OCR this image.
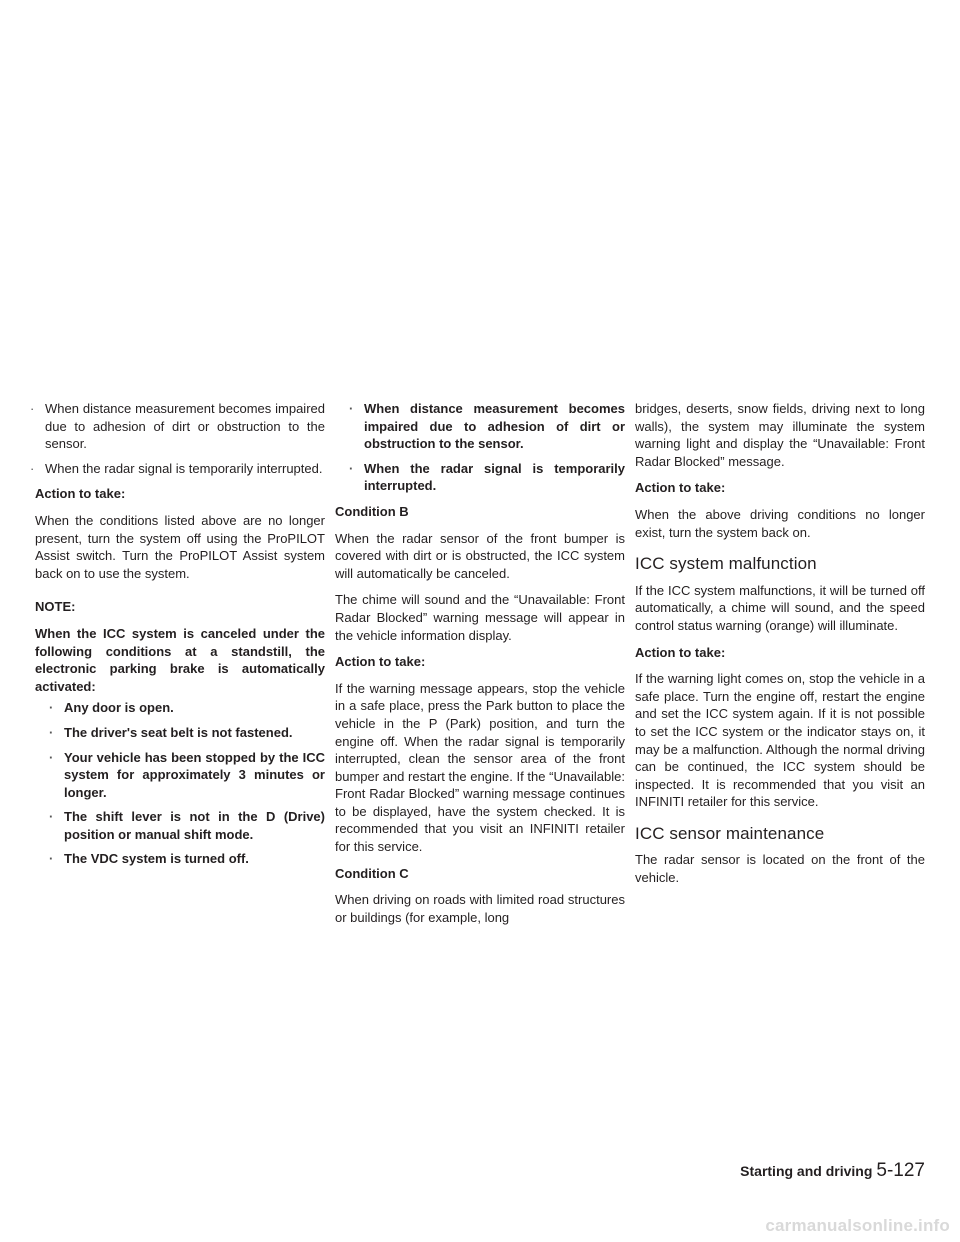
· When distance measurement becomes impaired due to adhesion of dirt or obstruction to the sensor.
· When the radar signal is temporarily interrupted.

Action to take:

When the conditions listed above are no longer present, turn the system off using the ProPILOT Assist switch. Turn the ProPILOT Assist system back on to use the system.

NOTE:

When the ICC system is canceled under the following conditions at a standstill, the electronic parking brake is automatically activated:

· Any door is open.
· The driver's seat belt is not fastened.
· Your vehicle has been stopped by the ICC system for approximately 3 minutes or longer.
· The shift lever is not in the D (Drive) position or manual shift mode.
· The VDC system is turned off.
· When distance measurement becomes impaired due to adhesion of dirt or obstruction to the sensor.
· When the radar signal is temporarily interrupted.

Condition B

When the radar sensor of the front bumper is covered with dirt or is obstructed, the ICC system will automatically be canceled.

The chime will sound and the “Unavailable: Front Radar Blocked” warning message will appear in the vehicle information display.

Action to take:

If the warning message appears, stop the vehicle in a safe place, press the Park button to place the vehicle in the P (Park) position, and turn the engine off. When the radar signal is temporarily interrupted, clean the sensor area of the front bumper and restart the engine. If the “Unavailable: Front Radar Blocked” warning message continues to be displayed, have the system checked. It is recommended that you visit an INFINITI retailer for this service.

Condition C

When driving on roads with limited road structures or buildings (for example, long

bridges, deserts, snow fields, driving next to long walls), the system may illuminate the system warning light and display the “Unavailable: Front Radar Blocked” message.

Action to take:

When the above driving conditions no longer exist, turn the system back on.

ICC system malfunction

If the ICC system malfunctions, it will be turned off automatically, a chime will sound, and the speed control status warning (orange) will illuminate.

Action to take:

If the warning light comes on, stop the vehicle in a safe place. Turn the engine off, restart the engine and set the ICC system again. If it is not possible to set the ICC system or the indicator stays on, it may be a malfunction. Although the normal driving can be continued, the ICC system should be inspected. It is recommended that you visit an INFINITI retailer for this service.

ICC sensor maintenance

The radar sensor is located on the front of the vehicle.

Starting and driving 5-127
carmanualsonline.info
